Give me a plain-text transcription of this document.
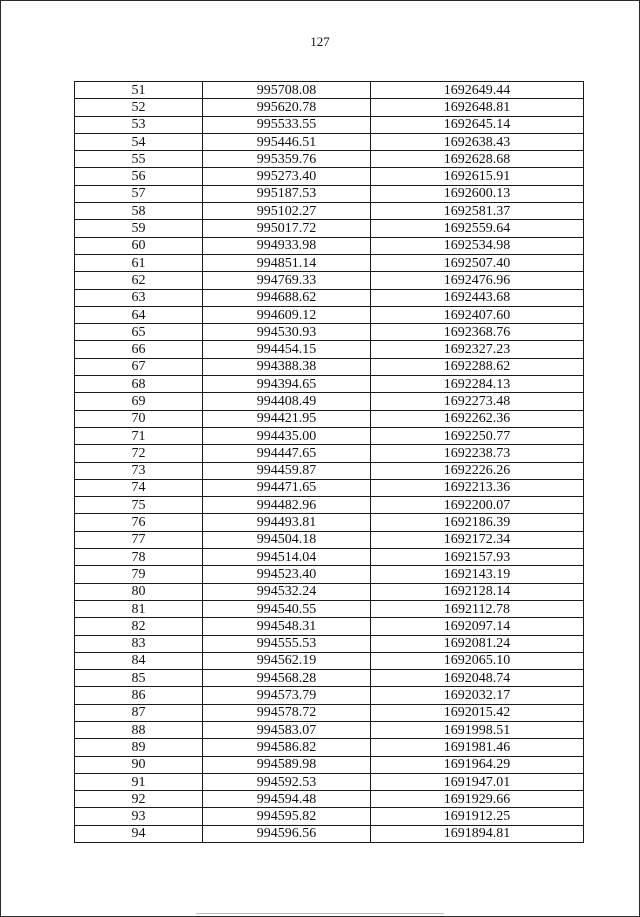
127
51	995708.08	1692649.44
52	995620.78	1692648.81
53	995533.55	1692645.14
54	995446.51	1692638.43
55	995359.76	1692628.68
56	995273.40	1692615.91
57	995187.53	1692600.13
58	995102.27	1692581.37
59	995017.72	1692559.64
60	994933.98	1692534.98
61	994851.14	1692507.40
62	994769.33	1692476.96
63	994688.62	1692443.68
64	994609.12	1692407.60
65	994530.93	1692368.76
66	994454.15	1692327.23
67	994388.38	1692288.62
68	994394.65	1692284.13
69	994408.49	1692273.48
70	994421.95	1692262.36
71	994435.00	1692250.77
72	994447.65	1692238.73
73	994459.87	1692226.26
74	994471.65	1692213.36
75	994482.96	1692200.07
76	994493.81	1692186.39
77	994504.18	1692172.34
78	994514.04	1692157.93
79	994523.40	1692143.19
80	994532.24	1692128.14
81	994540.55	1692112.78
82	994548.31	1692097.14
83	994555.53	1692081.24
84	994562.19	1692065.10
85	994568.28	1692048.74
86	994573.79	1692032.17
87	994578.72	1692015.42
88	994583.07	1691998.51
89	994586.82	1691981.46
90	994589.98	1691964.29
91	994592.53	1691947.01
92	994594.48	1691929.66
93	994595.82	1691912.25
94	994596.56	1691894.81
